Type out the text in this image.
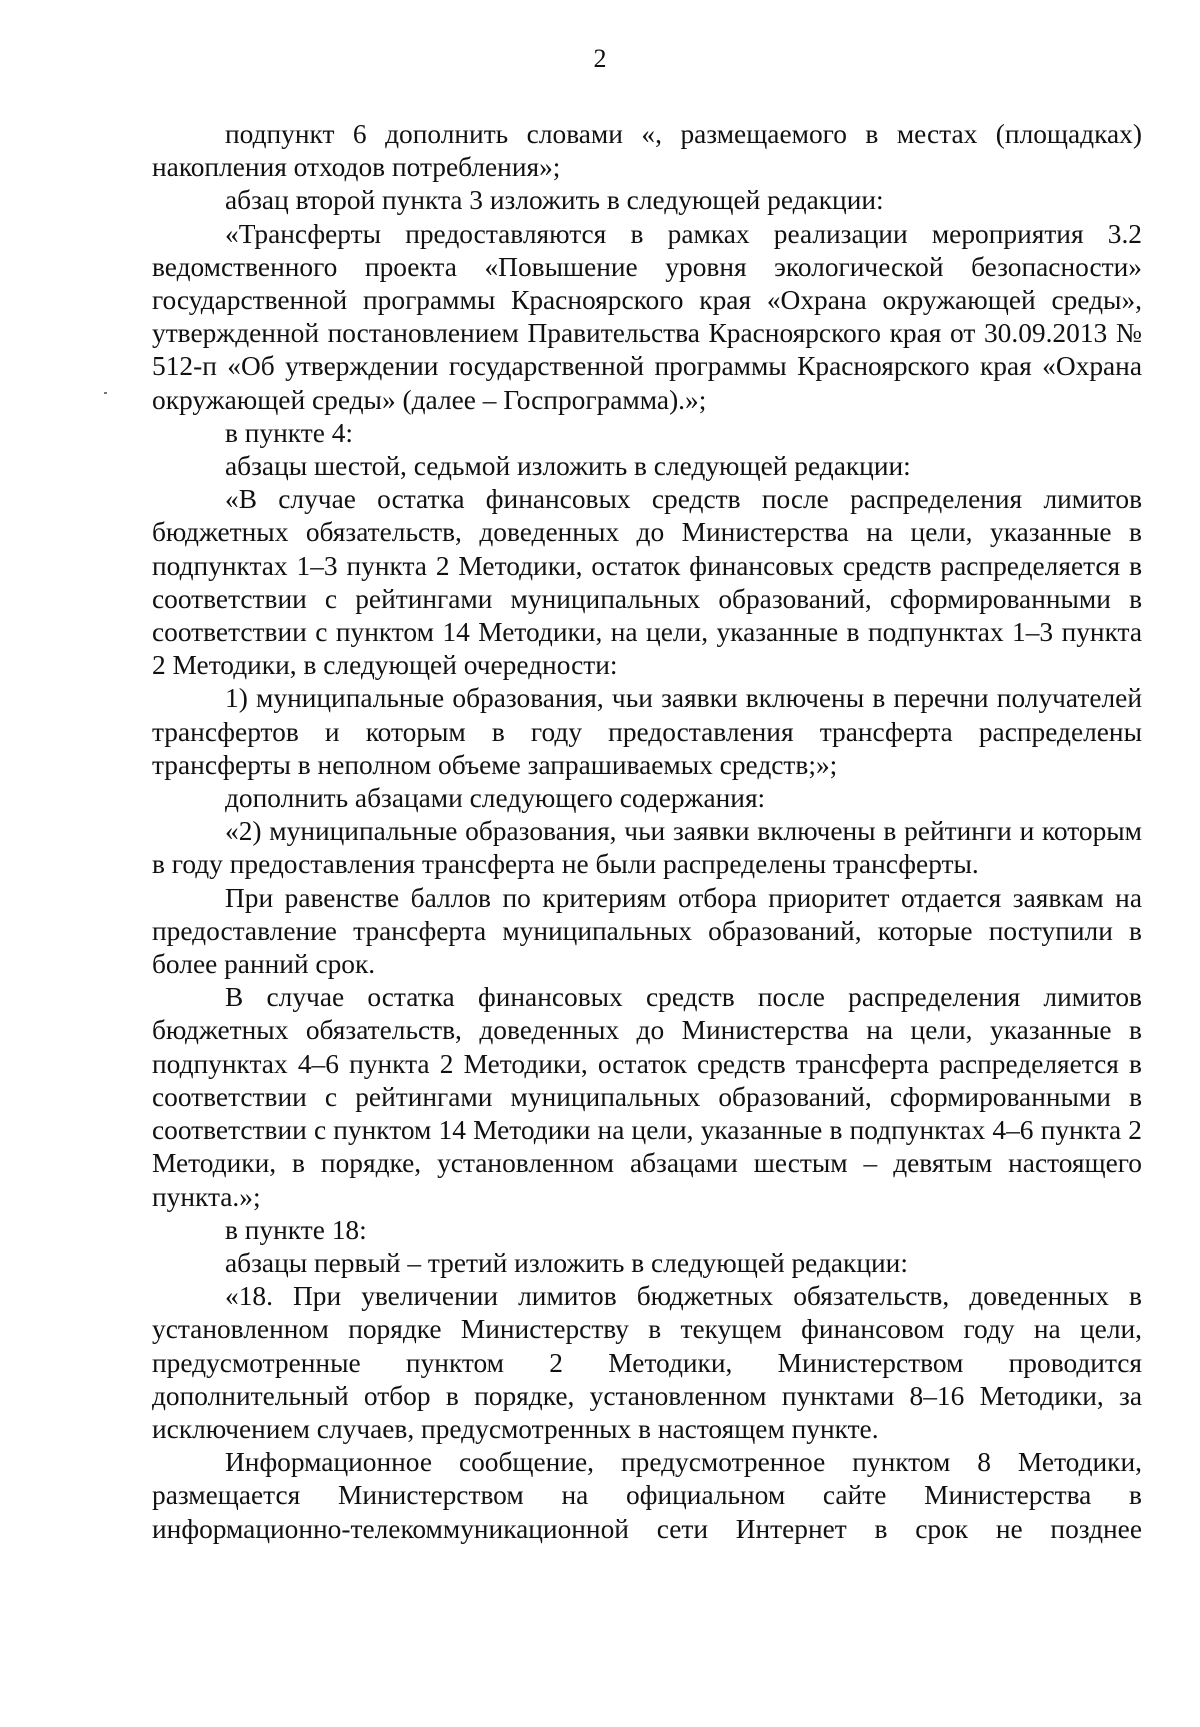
2

подпункт 6 дополнить словами «, размещаемого в местах (площадках) накопления отходов потребления»;

абзац второй пункта 3 изложить в следующей редакции:

«Трансферты предоставляются в рамках реализации мероприятия 3.2 ведомственного проекта «Повышение уровня экологической безопасности» государственной программы Красноярского края «Охрана окружающей среды», утвержденной постановлением Правительства Красноярского края от 30.09.2013 № 512-п «Об утверждении государственной программы Красноярского края «Охрана окружающей среды» (далее – Госпрограмма).»;

в пункте 4:

абзацы шестой, седьмой изложить в следующей редакции:

«В случае остатка финансовых средств после распределения лимитов бюджетных обязательств, доведенных до Министерства на цели, указанные в подпунктах 1–3 пункта 2 Методики, остаток финансовых средств распределяется в соответствии с рейтингами муниципальных образований, сформированными в соответствии с пунктом 14 Методики, на цели, указанные в подпунктах 1–3 пункта 2 Методики, в следующей очередности:

1) муниципальные образования, чьи заявки включены в перечни получателей трансфертов и которым в году предоставления трансферта распределены трансферты в неполном объеме запрашиваемых средств;»;

дополнить абзацами следующего содержания:

«2) муниципальные образования, чьи заявки включены в рейтинги и которым в году предоставления трансферта не были распределены трансферты.

При равенстве баллов по критериям отбора приоритет отдается заявкам на предоставление трансферта муниципальных образований, которые поступили в более ранний срок.

В случае остатка финансовых средств после распределения лимитов бюджетных обязательств, доведенных до Министерства на цели, указанные в подпунктах 4–6 пункта 2 Методики, остаток средств трансферта распределяется в соответствии с рейтингами муниципальных образований, сформированными в соответствии с пунктом 14 Методики на цели, указанные в подпунктах 4–6 пункта 2 Методики, в порядке, установленном абзацами шестым – девятым настоящего пункта.»;

в пункте 18:

абзацы первый – третий изложить в следующей редакции:

«18. При увеличении лимитов бюджетных обязательств, доведенных в установленном порядке Министерству в текущем финансовом году на цели, предусмотренные пунктом 2 Методики, Министерством проводится дополнительный отбор в порядке, установленном пунктами 8–16 Методики, за исключением случаев, предусмотренных в настоящем пункте.

Информационное сообщение, предусмотренное пунктом 8 Методики, размещается Министерством на официальном сайте Министерства в информационно-телекоммуникационной сети Интернет в срок не позднее
